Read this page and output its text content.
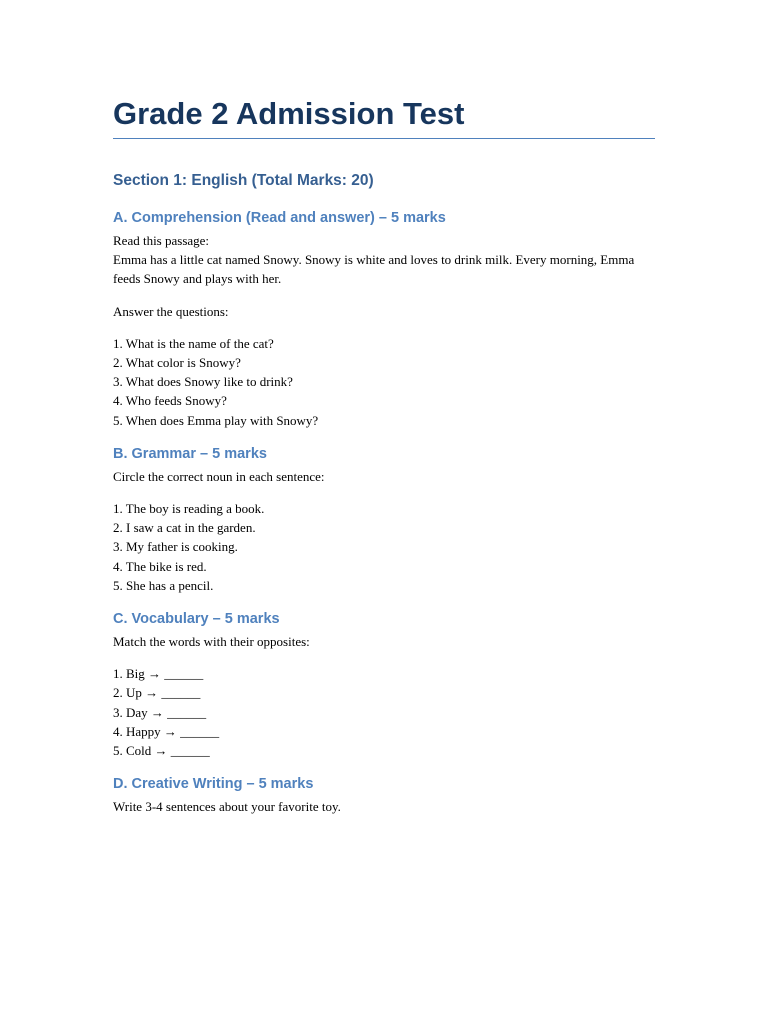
Grade 2 Admission Test
Section 1: English (Total Marks: 20)
A. Comprehension (Read and answer) – 5 marks

Read this passage:

Emma has a little cat named Snowy. Snowy is white and loves to drink milk. Every morning, Emma feeds Snowy and plays with her.

Answer the questions:

1. What is the name of the cat?
2. What color is Snowy?
3. What does Snowy like to drink?
4. Who feeds Snowy?
5. When does Emma play with Snowy?
B. Grammar – 5 marks

Circle the correct noun in each sentence:

1. The boy is reading a book.
2. I saw a cat in the garden.
3. My father is cooking.
4. The bike is red.
5. She has a pencil.
C. Vocabulary – 5 marks

Match the words with their opposites:

1. Big → ______
2. Up → ______
3. Day → ______
4. Happy → ______
5. Cold → ______
D. Creative Writing – 5 marks

Write 3-4 sentences about your favorite toy.
